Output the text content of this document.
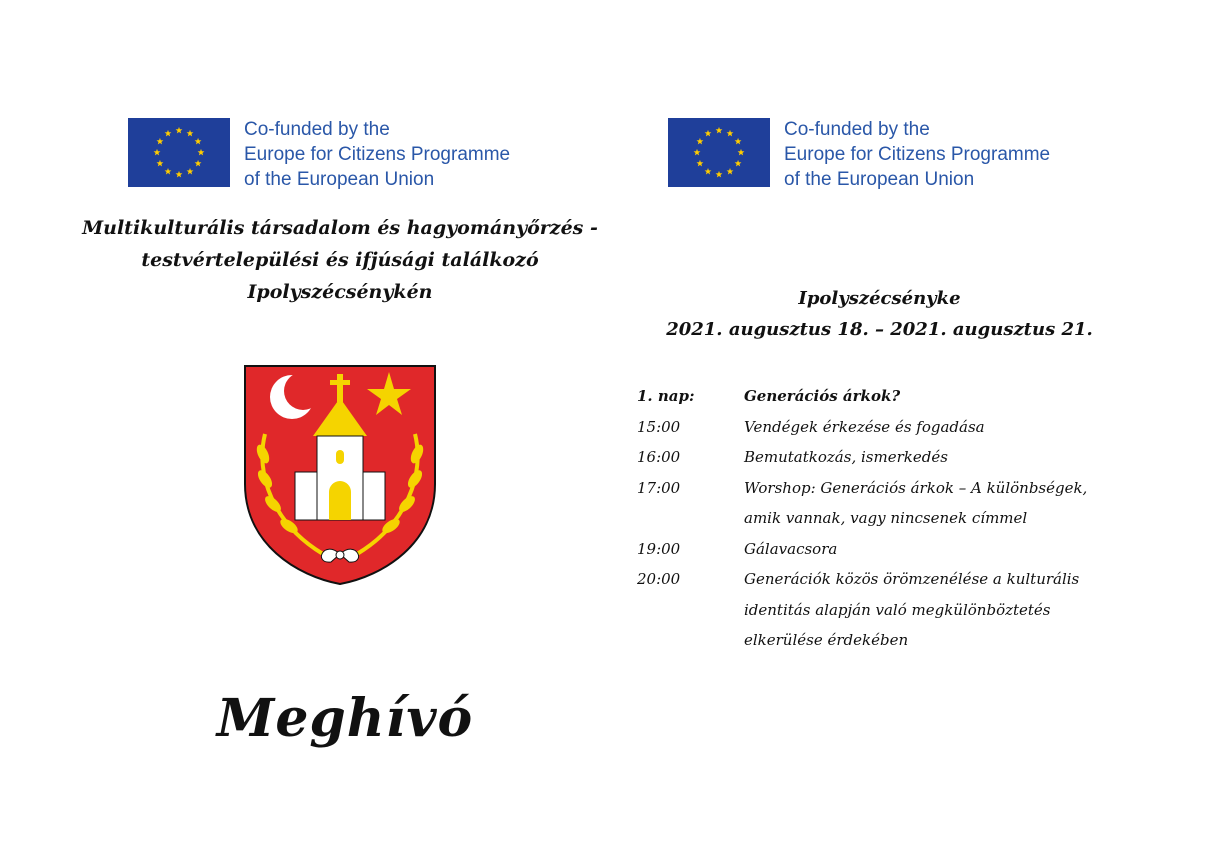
Co-funded by the
Europe for Citizens Programme
of the European Union
Multikulturális társadalom és hagyományőrzés -
testvértelepülési és ifjúsági találkozó
Ipolyszécsénykén
Meghívó
Co-funded by the
Europe for Citizens Programme
of the European Union
Ipolyszécsényke
2021. augusztus 18. – 2021. augusztus 21.
1. nap:	Generációs árkok?
15:00	Vendégek érkezése és fogadása
16:00	Bemutatkozás, ismerkedés
17:00	Worshop: Generációs árkok – A különbségek,
amik vannak, vagy nincsenek címmel
19:00	Gálavacsora
20:00	Generációk közös örömzenélése a kulturális
identitás alapján való megkülönböztetés
elkerülése érdekében
